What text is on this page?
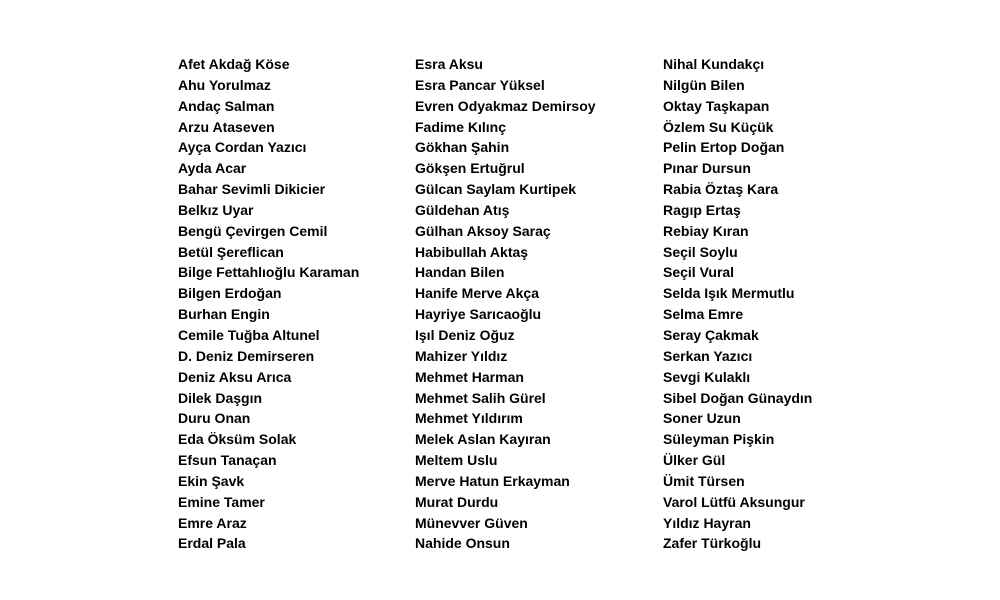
Afet Akdağ Köse
Ahu Yorulmaz
Andaç Salman
Arzu Ataseven
Ayça Cordan Yazıcı
Ayda Acar
Bahar Sevimli Dikicier
Belkız Uyar
Bengü Çevirgen Cemil
Betül Şereflican
Bilge Fettahlıoğlu Karaman
Bilgen Erdoğan
Burhan Engin
Cemile Tuğba Altunel
D. Deniz Demirseren
Deniz Aksu Arıca
Dilek Daşgın
Duru Onan
Eda Öksüm Solak
Efsun Tanaçan
Ekin Şavk
Emine Tamer
Emre Araz
Erdal Pala
Esra Aksu
Esra Pancar Yüksel
Evren Odyakmaz Demirsoy
Fadime Kılınç
Gökhan Şahin
Gökşen Ertuğrul
Gülcan Saylam Kurtipek
Güldehan Atış
Gülhan Aksoy Saraç
Habibullah Aktaş
Handan Bilen
Hanife Merve Akça
Hayriye Sarıcaoğlu
Işıl Deniz Oğuz
Mahizer Yıldız
Mehmet Harman
Mehmet Salih Gürel
Mehmet Yıldırım
Melek Aslan Kayıran
Meltem Uslu
Merve Hatun Erkayman
Murat Durdu
Münevver Güven
Nahide Onsun
Nihal Kundakçı
Nilgün Bilen
Oktay Taşkapan
Özlem Su Küçük
Pelin Ertop Doğan
Pınar Dursun
Rabia Öztaş Kara
Ragıp Ertaş
Rebiay Kıran
Seçil Soylu
Seçil Vural
Selda Işık Mermutlu
Selma Emre
Seray Çakmak
Serkan Yazıcı
Sevgi Kulaklı
Sibel Doğan Günaydın
Soner Uzun
Süleyman Pişkin
Ülker Gül
Ümit Türsen
Varol Lütfü Aksungur
Yıldız Hayran
Zafer Türkoğlu
